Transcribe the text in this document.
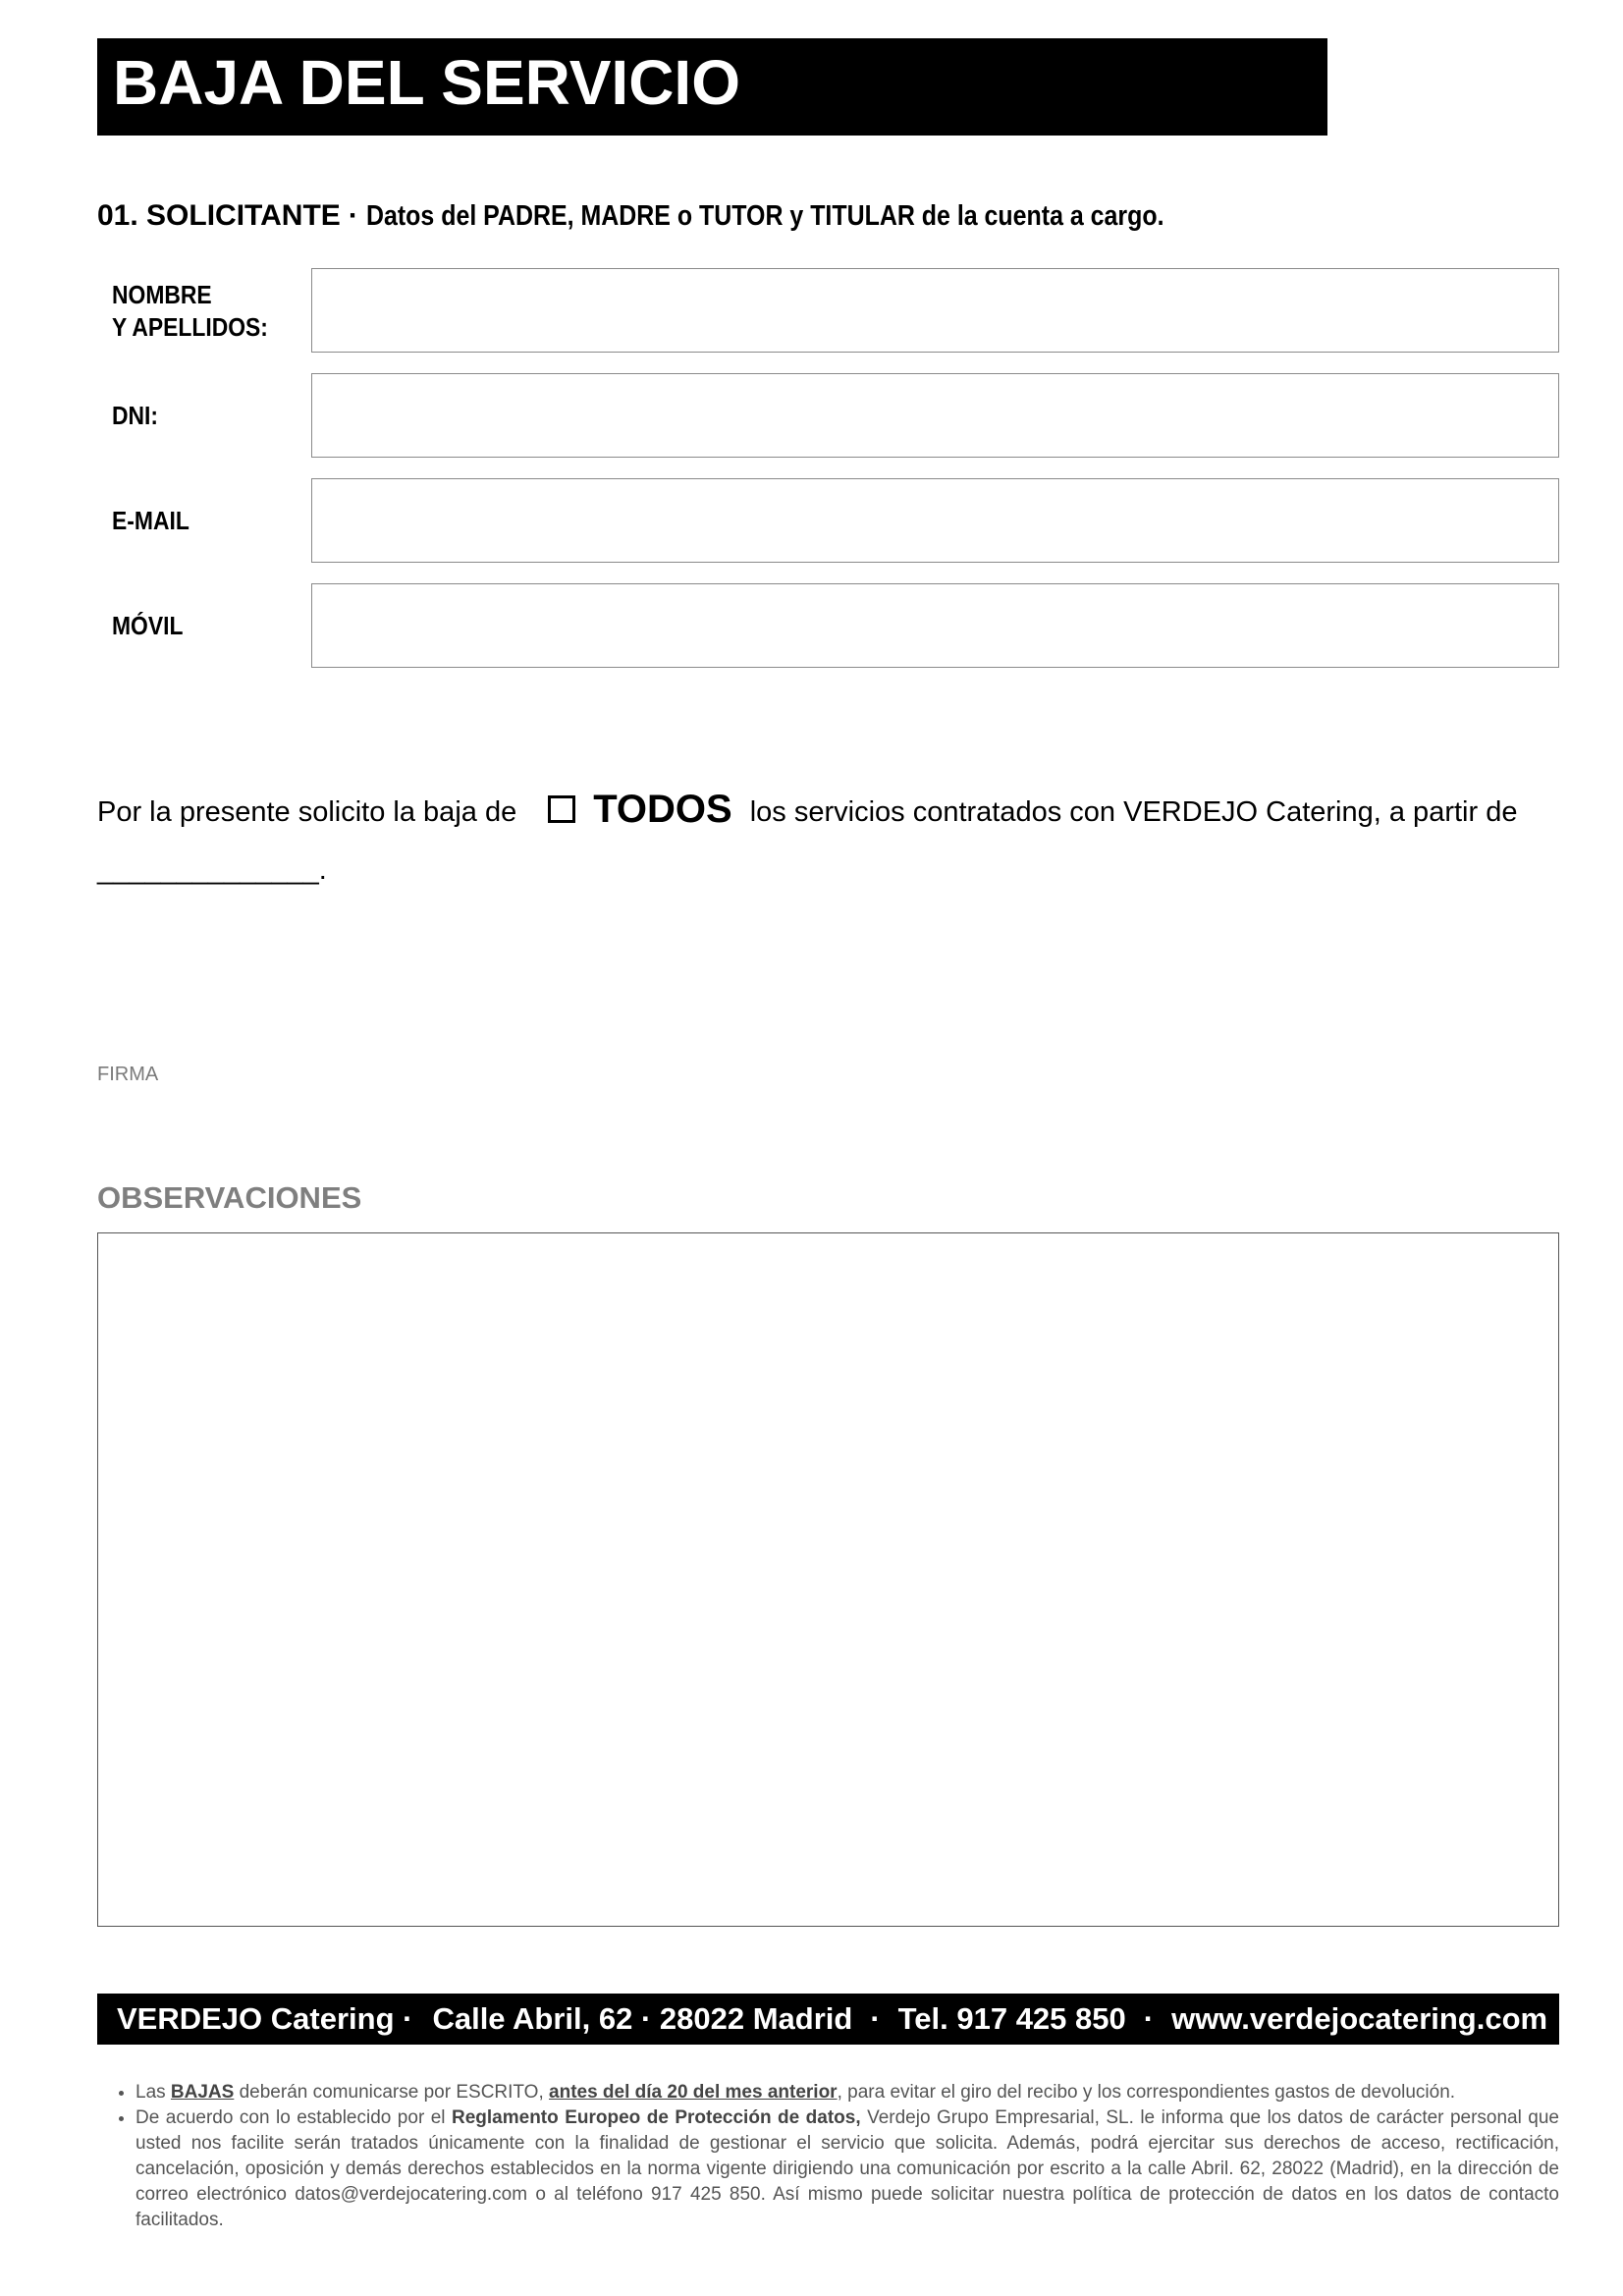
BAJA DEL SERVICIO
01. SOLICITANTE · Datos del PADRE, MADRE o TUTOR y TITULAR de la cuenta a cargo.
NOMBRE
Y APELLIDOS:
DNI:
E-MAIL
MÓVIL
Por la presente solicito la baja de TODOS los servicios contratados con VERDEJO Catering, a partir de
______________.
FIRMA
OBSERVACIONES
VERDEJO Catering · Calle Abril, 62 · 28022 Madrid · Tel. 917 425 850 · www.verdejocatering.com
• Las BAJAS deberán comunicarse por ESCRITO, antes del día 20 del mes anterior, para evitar el giro del recibo y los correspondientes gastos de devolución.
• De acuerdo con lo establecido por el Reglamento Europeo de Protección de datos, Verdejo Grupo Empresarial, SL. le informa que los datos de carácter personal que usted nos facilite serán tratados únicamente con la finalidad de gestionar el servicio que solicita. Además, podrá ejercitar sus derechos de acceso, rectificación, cancelación, oposición y demás derechos establecidos en la norma vigente dirigiendo una comunicación por escrito a la calle Abril. 62, 28022 (Madrid), en la dirección de correo electrónico datos@verdejocatering.com o al teléfono 917 425 850. Así mismo puede solicitar nuestra política de protección de datos en los datos de contacto facilitados.
